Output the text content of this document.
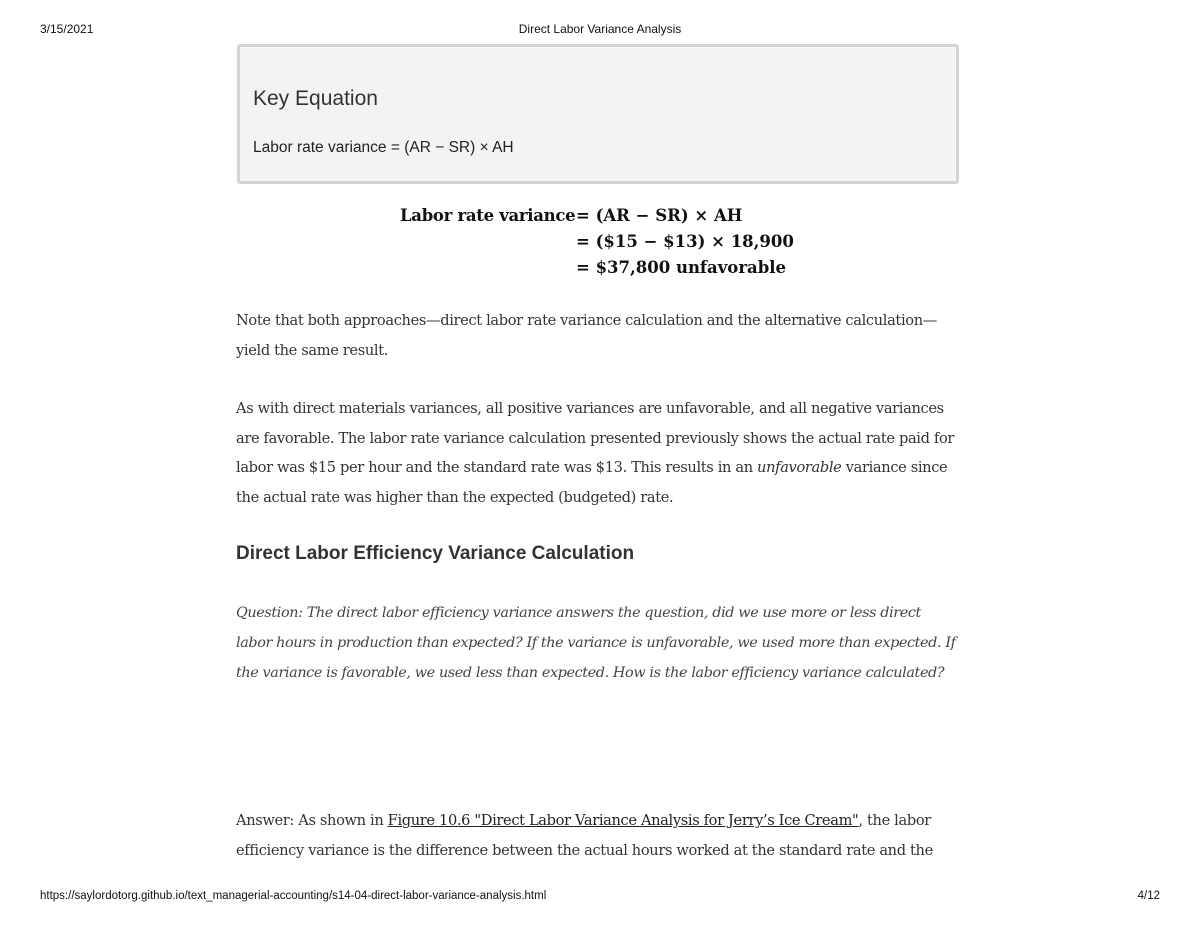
3/15/2021	Direct Labor Variance Analysis
Key Equation

Labor rate variance = (AR − SR) × AH

Labor rate variance = (AR − SR) × AH
= ($15 − $13) × 18,900
= $37,800 unfavorable

Note that both approaches—direct labor rate variance calculation and the alternative calculation—yield the same result.

As with direct materials variances, all positive variances are unfavorable, and all negative variances are favorable. The labor rate variance calculation presented previously shows the actual rate paid for labor was $15 per hour and the standard rate was $13. This results in an unfavorable variance since the actual rate was higher than the expected (budgeted) rate.

Direct Labor Efficiency Variance Calculation

Question: The direct labor efficiency variance answers the question, did we use more or less direct labor hours in production than expected? If the variance is unfavorable, we used more than expected. If the variance is favorable, we used less than expected. How is the labor efficiency variance calculated?

Answer: As shown in Figure 10.6 "Direct Labor Variance Analysis for Jerry’s Ice Cream", the labor efficiency variance is the difference between the actual hours worked at the standard rate and the

https://saylordotorg.github.io/text_managerial-accounting/s14-04-direct-labor-variance-analysis.html	4/12
